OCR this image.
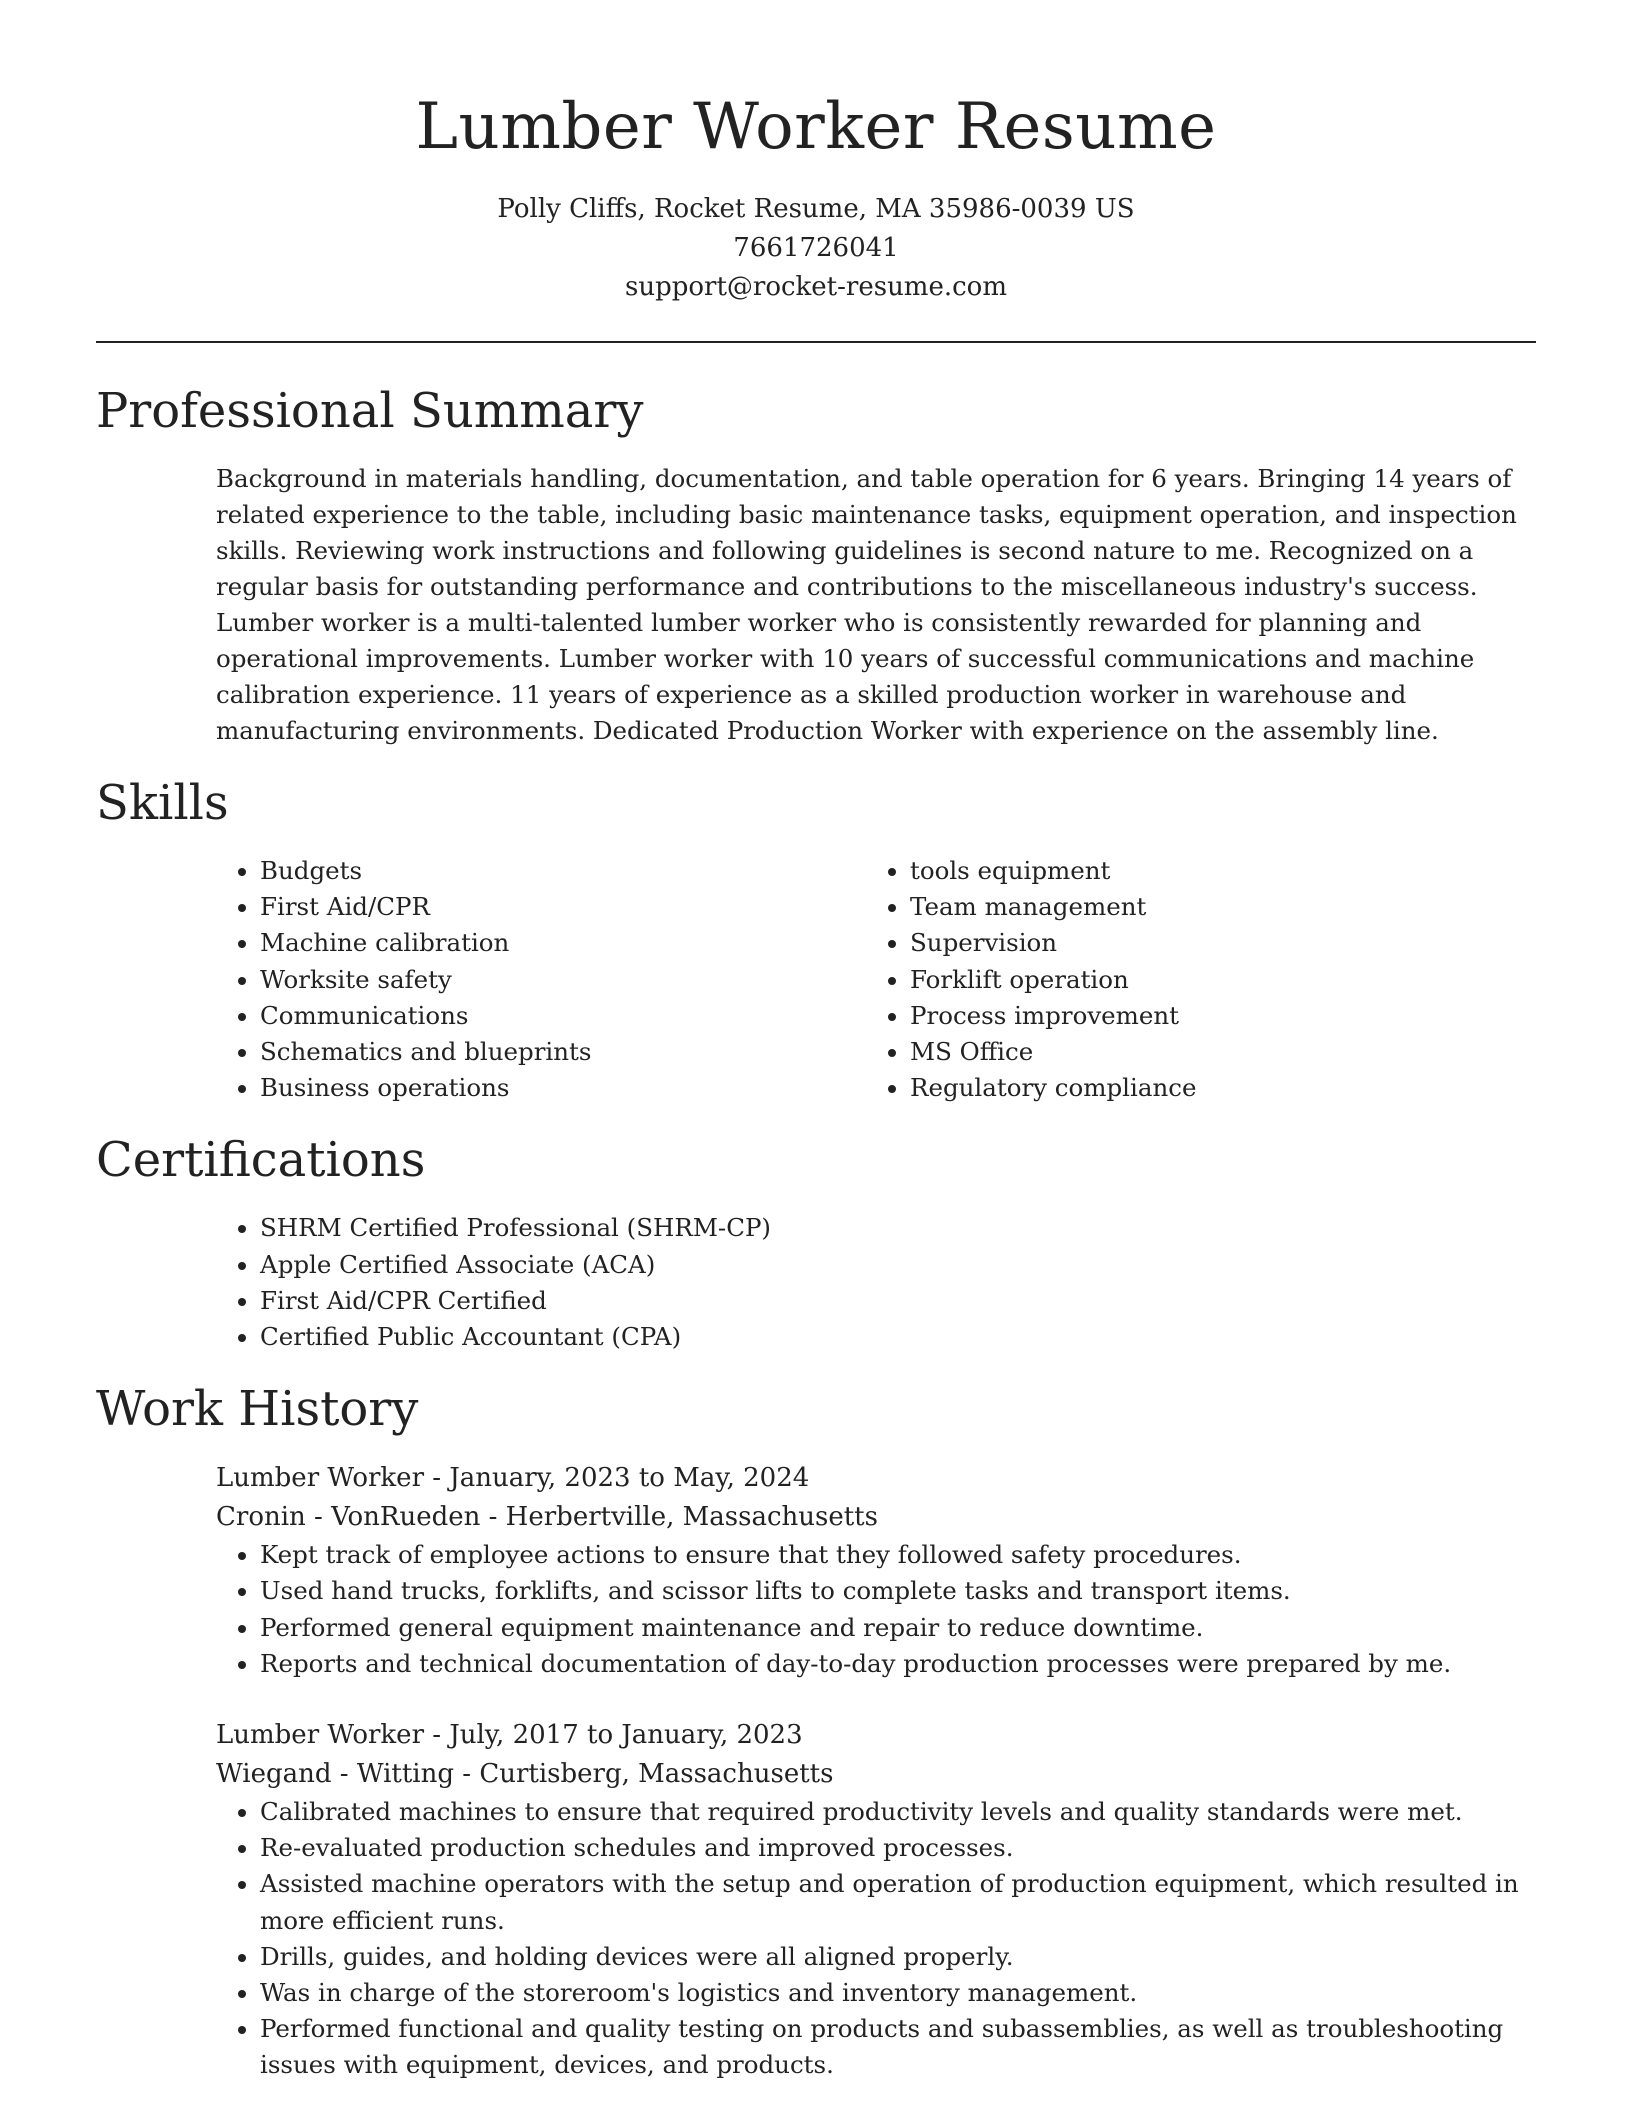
Lumber Worker Resume
Polly Cliffs, Rocket Resume, MA 35986-0039 US
7661726041
support@rocket-resume.com
Professional Summary

Background in materials handling, documentation, and table operation for 6 years. Bringing 14 years of related experience to the table, including basic maintenance tasks, equipment operation, and inspection skills. Reviewing work instructions and following guidelines is second nature to me. Recognized on a regular basis for outstanding performance and contributions to the miscellaneous industry's success. Lumber worker is a multi-talented lumber worker who is consistently rewarded for planning and operational improvements. Lumber worker with 10 years of successful communications and machine calibration experience. 11 years of experience as a skilled production worker in warehouse and manufacturing environments. Dedicated Production Worker with experience on the assembly line.

Skills
• Budgets
• First Aid/CPR
• Machine calibration
• Worksite safety
• Communications
• Schematics and blueprints
• Business operations
• tools equipment
• Team management
• Supervision
• Forklift operation
• Process improvement
• MS Office
• Regulatory compliance
Certifications
• SHRM Certified Professional (SHRM-CP)
• Apple Certified Associate (ACA)
• First Aid/CPR Certified
• Certified Public Accountant (CPA)
Work History
Lumber Worker - January, 2023 to May, 2024
Cronin - VonRueden - Herbertville, Massachusetts
• Kept track of employee actions to ensure that they followed safety procedures.
• Used hand trucks, forklifts, and scissor lifts to complete tasks and transport items.
• Performed general equipment maintenance and repair to reduce downtime.
• Reports and technical documentation of day-to-day production processes were prepared by me.
Lumber Worker - July, 2017 to January, 2023
Wiegand - Witting - Curtisberg, Massachusetts
• Calibrated machines to ensure that required productivity levels and quality standards were met.
• Re-evaluated production schedules and improved processes.
• Assisted machine operators with the setup and operation of production equipment, which resulted in more efficient runs.
• Drills, guides, and holding devices were all aligned properly.
• Was in charge of the storeroom's logistics and inventory management.
• Performed functional and quality testing on products and subassemblies, as well as troubleshooting issues with equipment, devices, and products.
